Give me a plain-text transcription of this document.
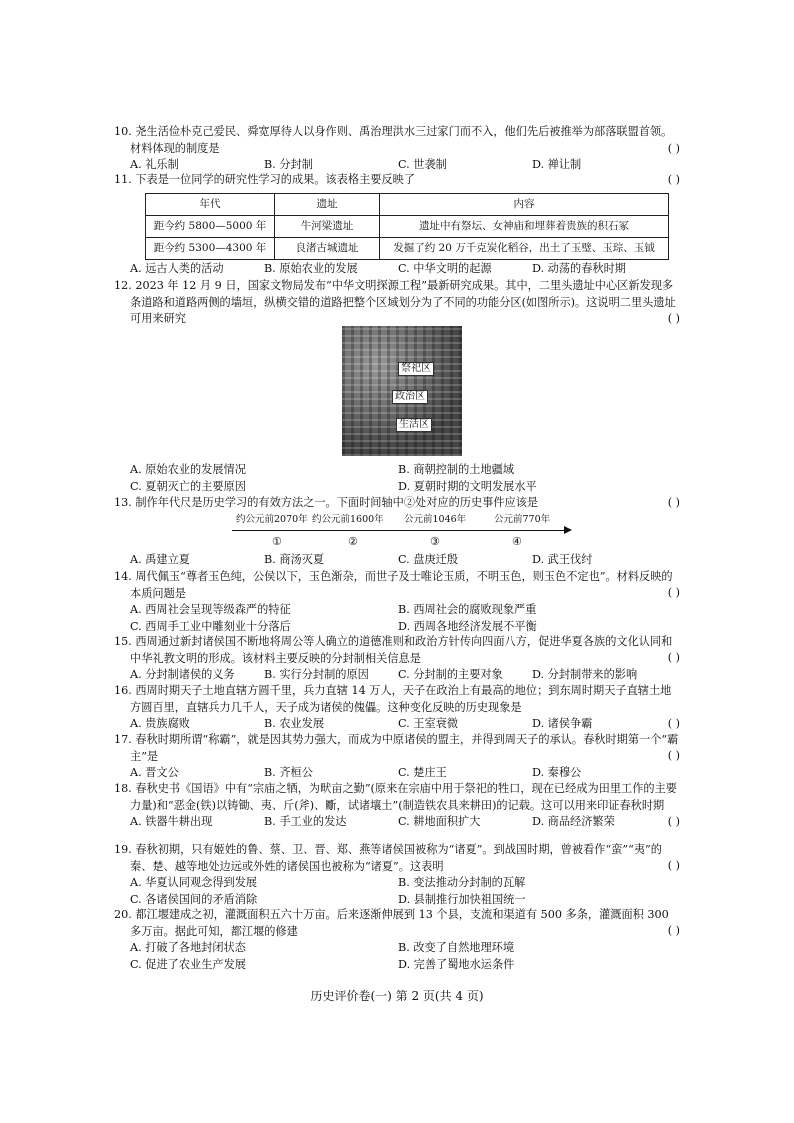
10. 尧生活俭朴克己爱民、舜宽厚待人以身作则、禹治理洪水三过家门而不入，他们先后被推举为部落联盟首领。材料体现的制度是	( )
A. 礼乐制	B. 分封制	C. 世袭制	D. 禅让制
11. 下表是一位同学的研究性学习的成果。该表格主要反映了	( )
年代	遗址	内容
距今约 5800—5000 年	牛河梁遗址	遗址中有祭坛、女神庙和埋葬着贵族的积石冢
距今约 5300—4300 年	良渚古城遗址	发掘了约 20 万千克炭化稻谷，出土了玉璧、玉琮、玉钺
A. 远古人类的活动	B. 原始农业的发展	C. 中华文明的起源	D. 动荡的春秋时期
12. 2023 年 12 月 9 日，国家文物局发布“中华文明探源工程”最新研究成果。其中，二里头遗址中心区新发现多条道路和道路两侧的墙垣，纵横交错的道路把整个区域划分为了不同的功能分区(如图所示)。这说明二里头遗址可用来研究	( )
祭祀区
政治区
生活区
A. 原始农业的发展情况	B. 商朝控制的土地疆域
C. 夏朝灭亡的主要原因	D. 夏朝时期的文明发展水平
13. 制作年代尺是历史学习的有效方法之一。下面时间轴中②处对应的历史事件应该是	( )
约公元前2070年 约公元前1600年 公元前1046年	公元前770年
①	②	③	④
A. 禹建立夏	B. 商汤灭夏	C. 盘庚迁殷	D. 武王伐纣
14. 周代佩玉“尊者玉色纯，公侯以下，玉色渐杂，而世子及士唯论玉质，不明玉色，则玉色不定也”。材料反映的本质问题是	( )
A. 西周社会呈现等级森严的特征	B. 西周社会的腐败现象严重
C. 西周手工业中雕刻业十分落后	D. 西周各地经济发展不平衡
15. 西周通过新封诸侯国不断地将周公等人确立的道德准则和政治方针传向四面八方，促进华夏各族的文化认同和中华礼教文明的形成。该材料主要反映的分封制相关信息是	( )
A. 分封制诸侯的义务	B. 实行分封制的原因	C. 分封制的主要对象	D. 分封制带来的影响
16. 西周时期天子土地直辖方圆千里，兵力直辖 14 万人，天子在政治上有最高的地位；到东周时期天子直辖土地方圆百里，直辖兵力几千人，天子成为诸侯的傀儡。这种变化反映的历史现象是
( )
A. 贵族腐败	B. 农业发展	C. 王室衰微	D. 诸侯争霸
17. 春秋时期所谓“称霸”，就是因其势力强大，而成为中原诸侯的盟主，并得到周天子的承认。春秋时期第一个“霸主”是	( )
A. 晋文公	B. 齐桓公	C. 楚庄王	D. 秦穆公
18. 春秋史书《国语》中有“宗庙之牺，为畎亩之勤”(原来在宗庙中用于祭祀的牲口，现在已经成为田里工作的主要力量)和“恶金(铁)以铸锄、夷、斤(斧)、斸，试诸壤土”(制造铁农具来耕田)的记载。这可以用来印证春秋时期
( )
A. 铁器牛耕出现	B. 手工业的发达	C. 耕地面积扩大	D. 商品经济繁荣
19. 春秋初期，只有姬姓的鲁、蔡、卫、晋、郑、燕等诸侯国被称为“诸夏”。到战国时期，曾被看作“蛮”“夷”的秦、楚、越等地处边远或外姓的诸侯国也被称为“诸夏”。这表明	( )
A. 华夏认同观念得到发展	B. 变法推动分封制的瓦解
C. 各诸侯国间的矛盾消除	D. 县制推行加快祖国统一
20. 都江堰建成之初，灌溉面积五六十万亩。后来逐渐伸展到 13 个县，支流和渠道有 500 多条，灌溉面积 300 多万亩。据此可知，都江堰的修建	( )
A. 打破了各地封闭状态	B. 改变了自然地理环境
C. 促进了农业生产发展	D. 完善了蜀地水运条件
历史评价卷(一) 第 2 页(共 4 页)
